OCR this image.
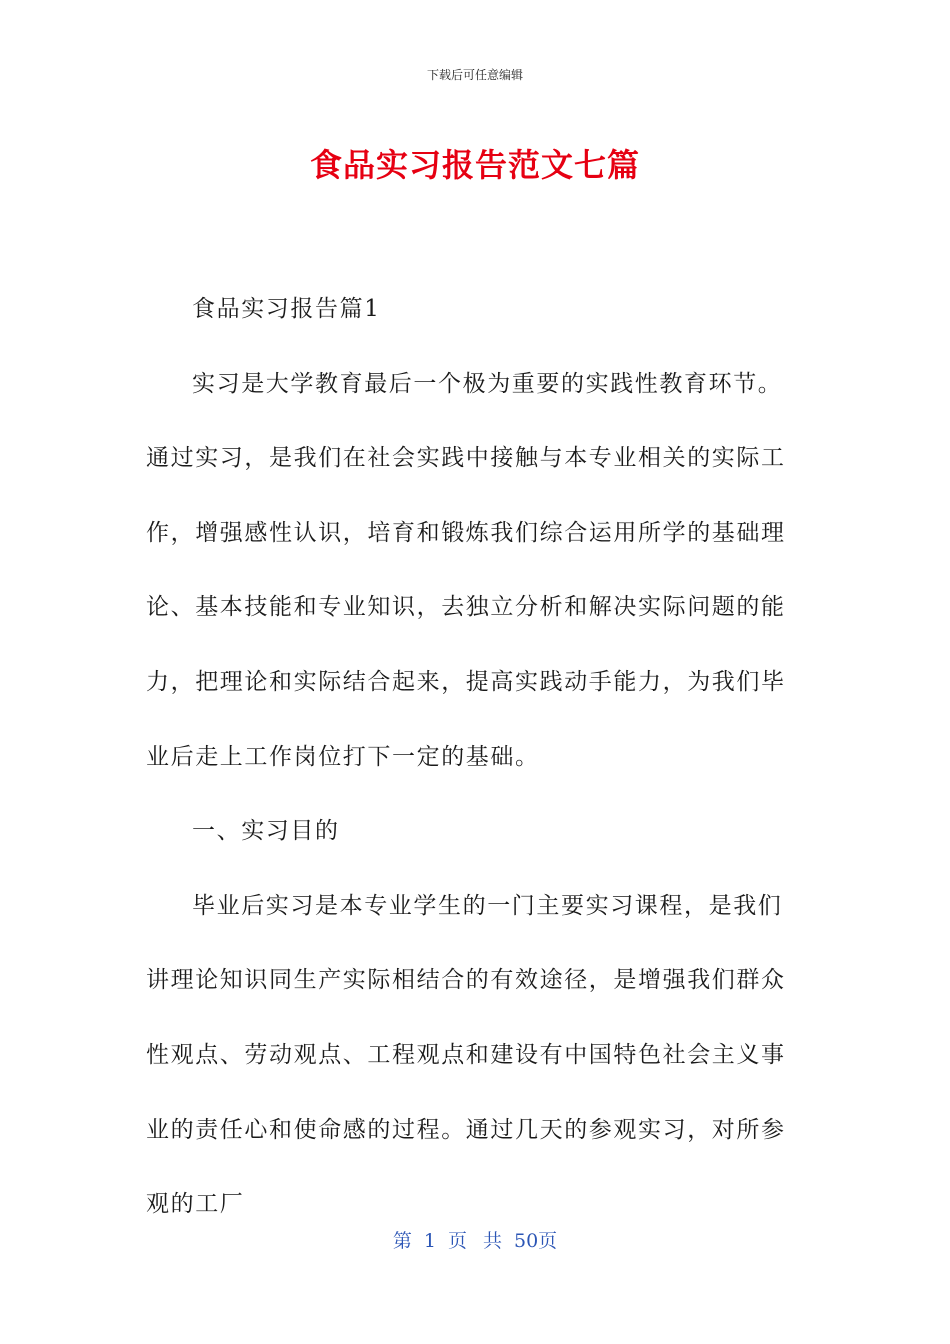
下载后可任意编辑
食品实习报告范文七篇

食品实习报告篇1

实习是大学教育最后一个极为重要的实践性教育环节。通过实习，是我们在社会实践中接触与本专业相关的实际工作，增强感性认识，培育和锻炼我们综合运用所学的基础理论、基本技能和专业知识，去独立分析和解决实际问题的能力，把理论和实际结合起来，提高实践动手能力，为我们毕业后走上工作岗位打下一定的基础。

一、实习目的

毕业后实习是本专业学生的一门主要实习课程，是我们讲理论知识同生产实际相结合的有效途径，是增强我们群众性观点、劳动观点、工程观点和建设有中国特色社会主义事业的责任心和使命感的过程。通过几天的参观实习，对所参观的工厂

第 1 页 共 50页
